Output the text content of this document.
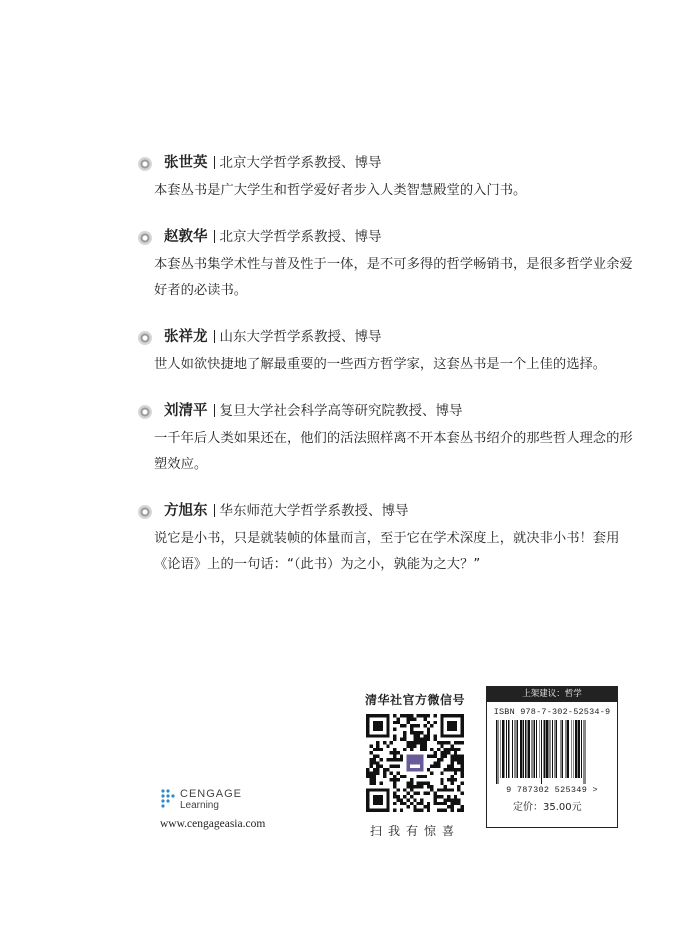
张世英 北京大学哲学系教授、博导
本套丛书是广大学生和哲学爱好者步入人类智慧殿堂的入门书。
赵敦华 北京大学哲学系教授、博导
本套丛书集学术性与普及性于一体，是不可多得的哲学畅销书，是很多哲学业余爱
好者的必读书。
张祥龙 山东大学哲学系教授、博导
世人如欲快捷地了解最重要的一些西方哲学家，这套丛书是一个上佳的选择。
刘清平 复旦大学社会科学高等研究院教授、博导
一千年后人类如果还在，他们的活法照样离不开本套丛书绍介的那些哲人理念的形
塑效应。
方旭东 华东师范大学哲学系教授、博导
说它是小书，只是就装帧的体量而言，至于它在学术深度上，就决非小书！套用
《论语》上的一句话：“（此书）为之小，孰能为之大？”
CENGAGE
Learning
www.cengageasia.com
清华社官方微信号
扫我有惊喜
上架建议：哲学
ISBN 978-7-302-52534-9
9 787302 525349 >
定价：35.00元
